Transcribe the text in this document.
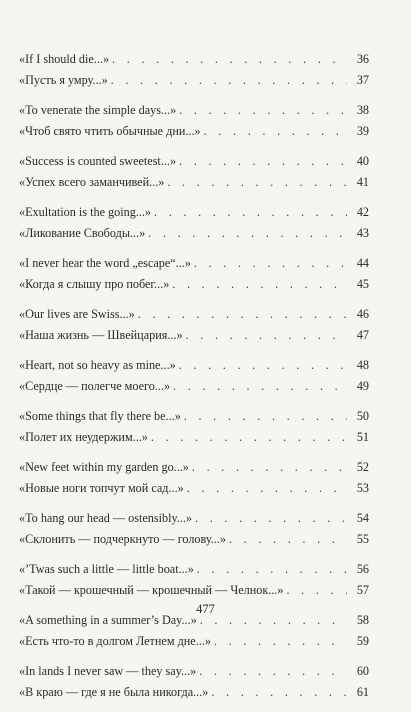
«If I should die...» . . .	36
«Пусть я умру...» . . .	37
«To venerate the simple days...» . . .	38
«Чтоб свято чтить обычные дни...» . . .	39
«Success is counted sweetest...» . . .	40
«Успех всего заманчивей...» . . .	41
«Exultation is the going...» . . .	42
«Ликование Свободы...» . . .	43
«I never hear the word „escape“...» . . .	44
«Когда я слышу про побег...» . . .	45
«Our lives are Swiss...» . . .	46
«Наша жизнь — Швейцария...» . . .	47
«Heart, not so heavy as mine...» . . .	48
«Сердце — полегче моего...» . . .	49
«Some things that fly there be...» . . .	50
«Полет их неудержим...» . . .	51
«New feet within my garden go...» . . .	52
«Новые ноги топчут мой сад...» . . .	53
«To hang our head — ostensibly...» . . .	54
«Склонить — подчеркнуто — голову...» . . .	55
«’Twas such a little — little boat...» . . .	56
«Такой — крошечный — крошечный — Челнок...» . . .	57
«A something in a summer’s Day...» . . .	58
«Есть что-то в долгом Летнем дне...» . . .	59
«In lands I never saw — they say...» . . .	60
«В краю — где я не была никогда...» . . .	61
477
